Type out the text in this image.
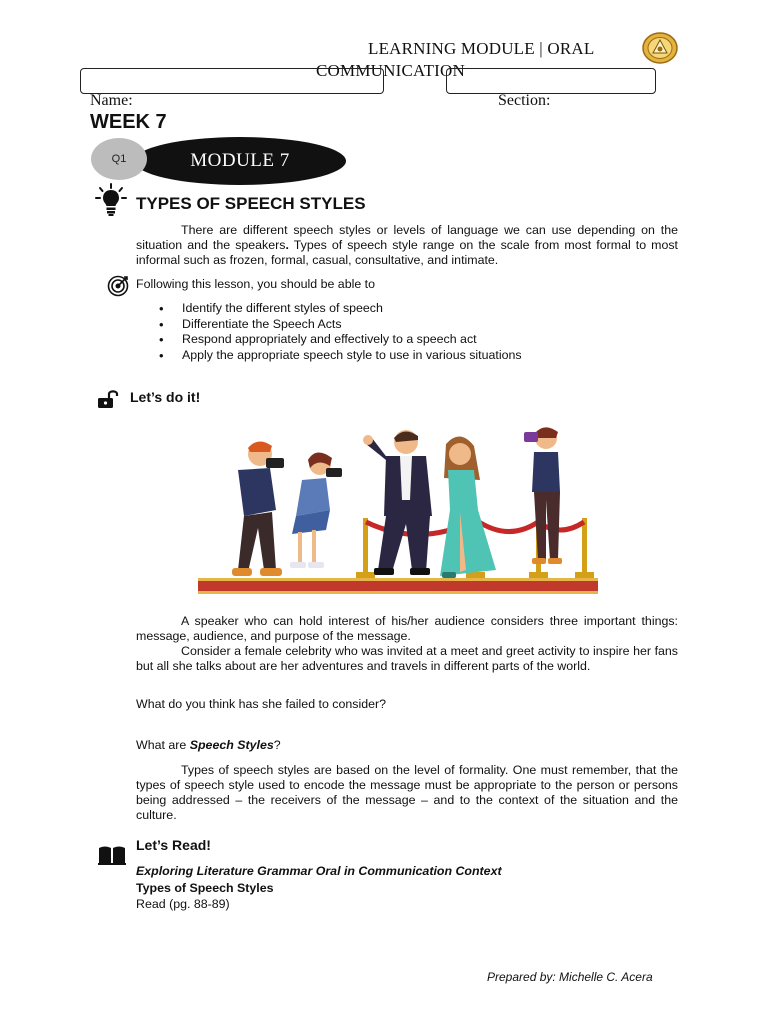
LEARNING MODULE | ORAL
COMMUNICATION
Name:	Section:
WEEK 7
MODULE 7
Q1
TYPES OF SPEECH STYLES
There are different speech styles or levels of language we can use depending on the situation and the speakers. Types of speech style range on the scale from most formal to most informal such as frozen, formal, casual, consultative, and intimate.
Following this lesson, you should be able to
• Identify the different styles of speech
• Differentiate the Speech Acts
• Respond appropriately and effectively to a speech act
• Apply the appropriate speech style to use in various situations
Let’s do it!
A speaker who can hold interest of his/her audience considers three important things: message, audience, and purpose of the message.
Consider a female celebrity who was invited at a meet and greet activity to inspire her fans but all she talks about are her adventures and travels in different parts of the world.
What do you think has she failed to consider?
What are Speech Styles?
Types of speech styles are based on the level of formality. One must remember, that the types of speech style used to encode the message must be appropriate to the person or persons being addressed – the receivers of the message – and to the context of the situation and the culture.
Let’s Read!
Exploring Literature Grammar Oral in Communication Context
Types of Speech Styles
Read (pg. 88-89)
Prepared by: Michelle C. Acera
